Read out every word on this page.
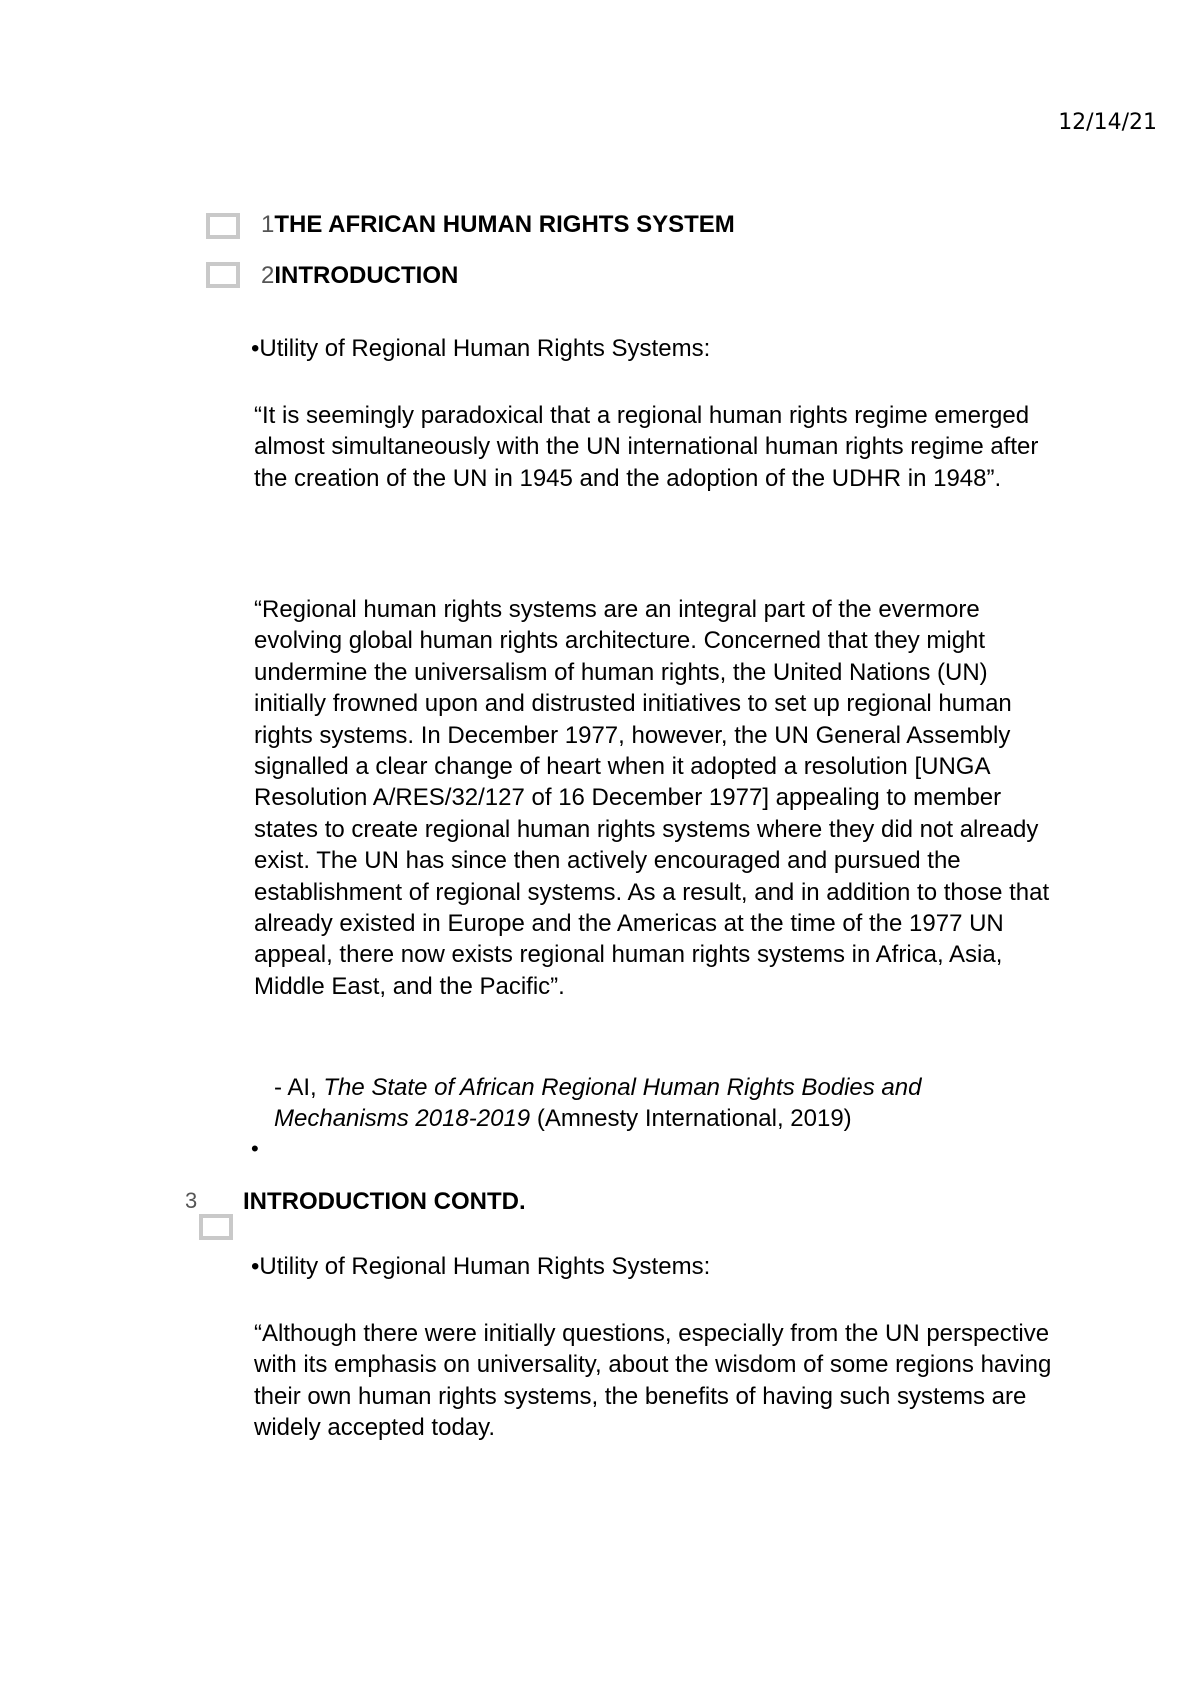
12/14/21
1THE AFRICAN HUMAN RIGHTS SYSTEM
2INTRODUCTION
•Utility of Regional Human Rights Systems:

“It is seemingly paradoxical that a regional human rights regime emerged almost simultaneously with the UN international human rights regime after the creation of the UN in 1945 and the adoption of the UDHR in 1948”.

“Regional human rights systems are an integral part of the evermore evolving global human rights architecture. Concerned that they might undermine the universalism of human rights, the United Nations (UN) initially frowned upon and distrusted initiatives to set up regional human rights systems. In December 1977, however, the UN General Assembly signalled a clear change of heart when it adopted a resolution [UNGA Resolution A/RES/32/127 of 16 December 1977] appealing to member states to create regional human rights systems where they did not already exist. The UN has since then actively encouraged and pursued the establishment of regional systems. As a result, and in addition to those that already existed in Europe and the Americas at the time of the 1977 UN appeal, there now exists regional human rights systems in Africa, Asia, Middle East, and the Pacific”.

- AI, The State of African Regional Human Rights Bodies and
Mechanisms 2018-2019 (Amnesty International, 2019)
•
3 INTRODUCTION CONTD.
•Utility of Regional Human Rights Systems:

“Although there were initially questions, especially from the UN perspective with its emphasis on universality, about the wisdom of some regions having their own human rights systems, the benefits of having such systems are widely accepted today.
